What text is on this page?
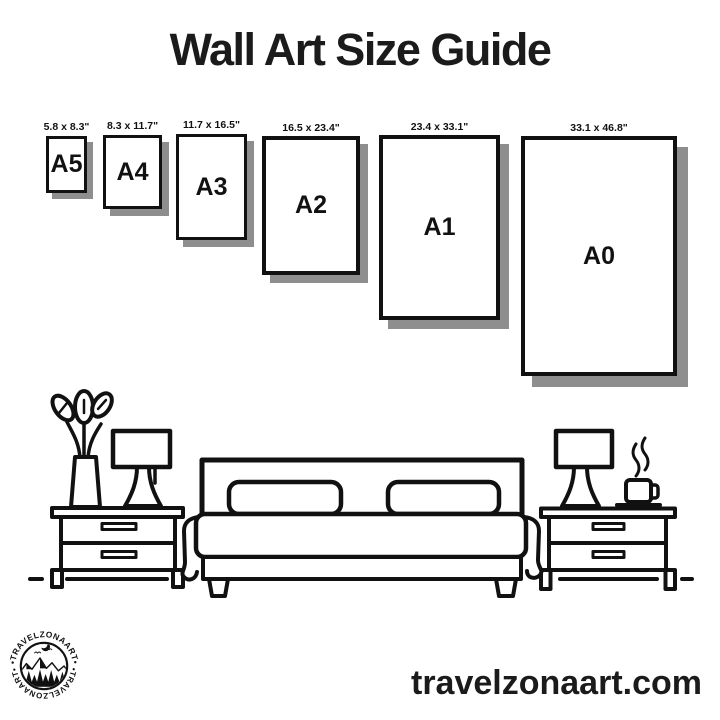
Wall Art Size Guide
5.8 x 8.3"
A5
8.3 x 11.7"
A4
11.7 x 16.5"
A3
16.5 x 23.4"
A2
23.4 x 33.1"
A1
33.1 x 46.8"
A0
•TRAVELZONAART•
•TRAVELZONAART•	travelzonaart.com
